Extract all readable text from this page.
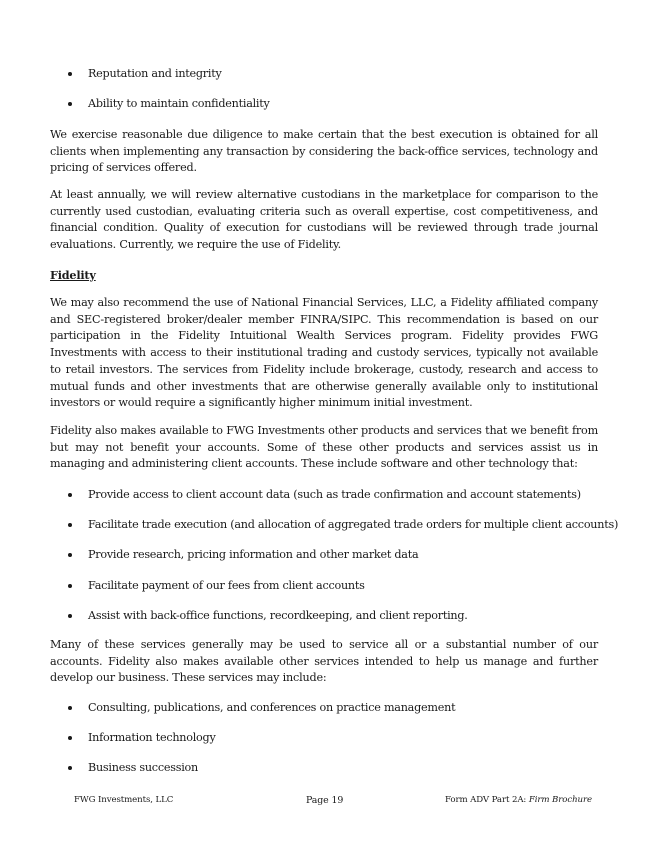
Reputation and integrity
Ability to maintain confidentiality

We exercise reasonable due diligence to make certain that the best execution is obtained for all clients when implementing any transaction by considering the back-office services, technology and pricing of services offered.

At least annually, we will review alternative custodians in the marketplace for comparison to the currently used custodian, evaluating criteria such as overall expertise, cost competitiveness, and financial condition. Quality of execution for custodians will be reviewed through trade journal evaluations. Currently, we require the use of Fidelity.

Fidelity

We may also recommend the use of National Financial Services, LLC, a Fidelity affiliated company and SEC-registered broker/dealer member FINRA/SIPC. This recommendation is based on our participation in the Fidelity Intuitional Wealth Services program. Fidelity provides FWG Investments with access to their institutional trading and custody services, typically not available to retail investors. The services from Fidelity include brokerage, custody, research and access to mutual funds and other investments that are otherwise generally available only to institutional investors or would require a significantly higher minimum initial investment.

Fidelity also makes available to FWG Investments other products and services that we benefit from but may not benefit your accounts. Some of these other products and services assist us in managing and administering client accounts. These include software and other technology that:

Provide access to client account data (such as trade confirmation and account statements)
Facilitate trade execution (and allocation of aggregated trade orders for multiple client accounts)
Provide research, pricing information and other market data
Facilitate payment of our fees from client accounts
Assist with back-office functions, recordkeeping, and client reporting.

Many of these services generally may be used to service all or a substantial number of our accounts. Fidelity also makes available other services intended to help us manage and further develop our business. These services may include:

Consulting, publications, and conferences on practice management
Information technology
Business succession
FWG Investments, LLC	Page 19	Form ADV Part 2A: Firm Brochure
